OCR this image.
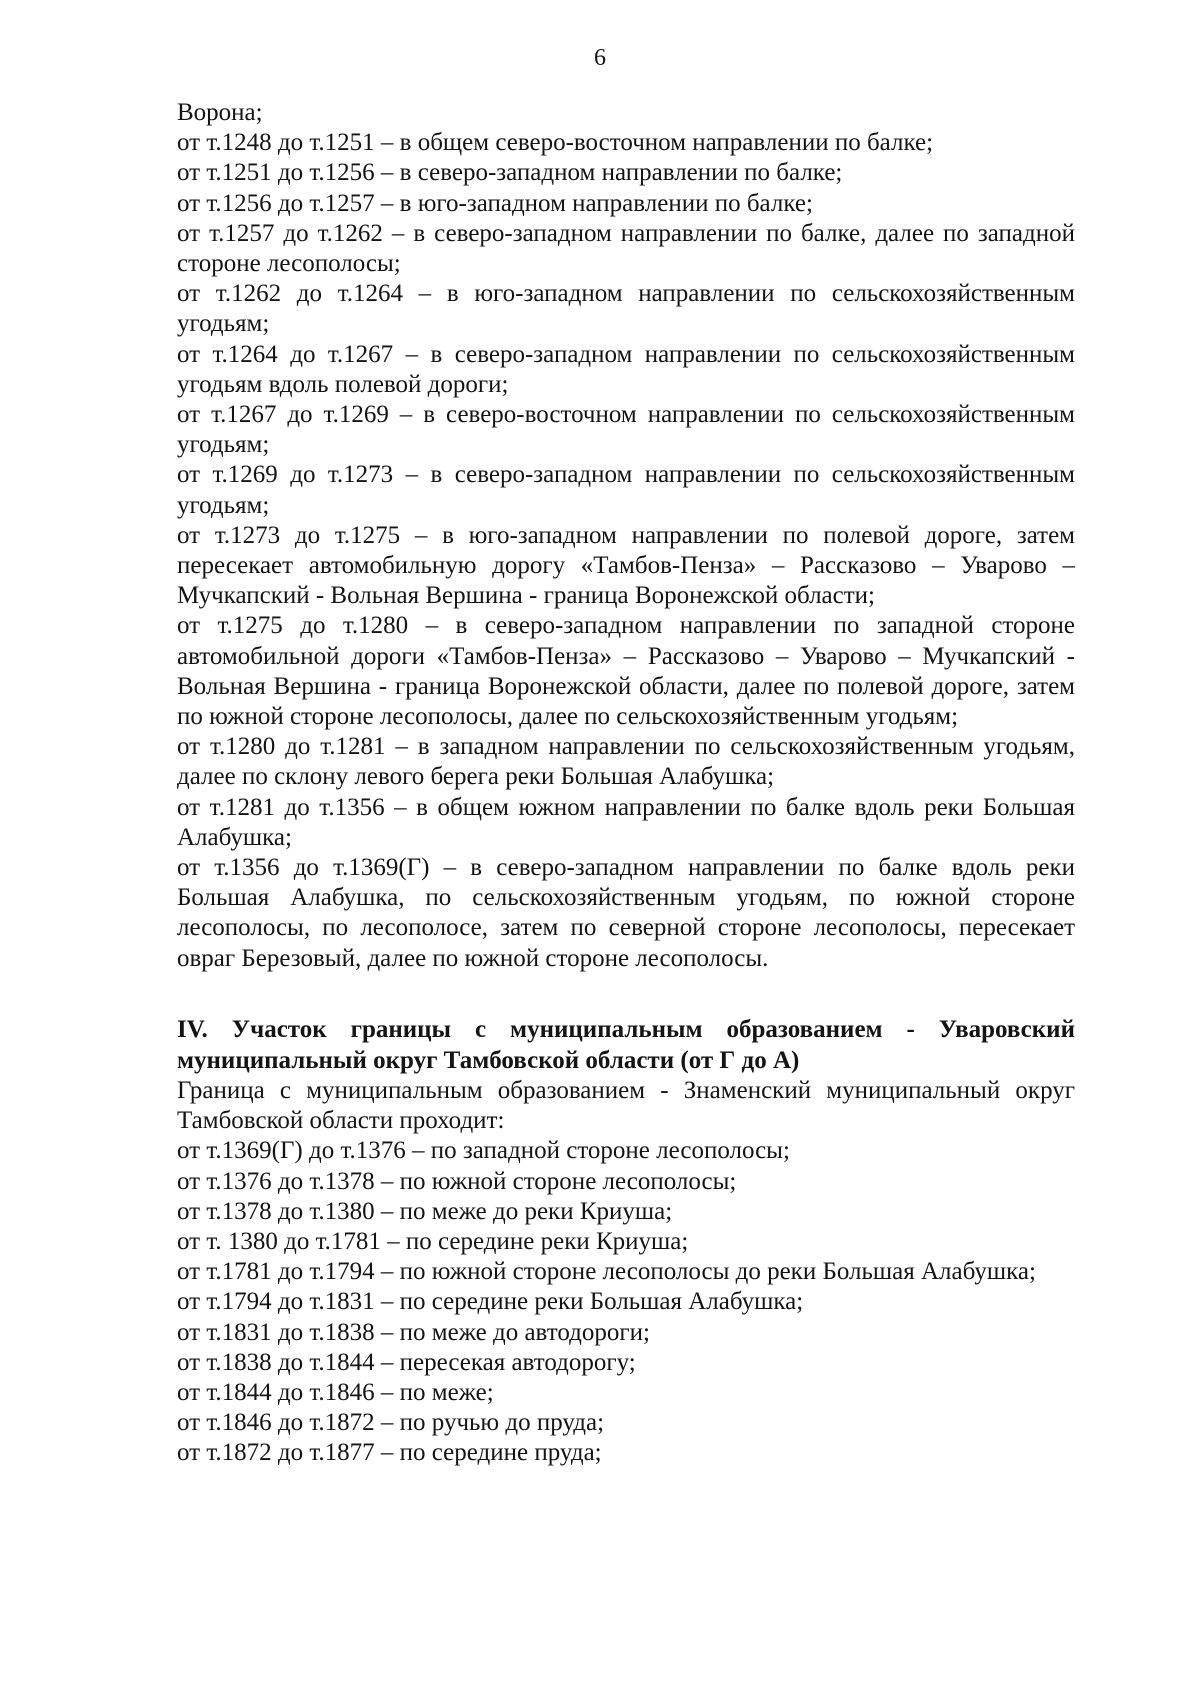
6

Ворона;

от т.1248 до т.1251 – в общем северо-восточном направлении по балке;

от т.1251 до т.1256 – в северо-западном направлении по балке;

от т.1256 до т.1257 – в юго-западном направлении по балке;

от т.1257 до т.1262 – в северо-западном направлении по балке, далее по западной стороне лесополосы;

от т.1262 до т.1264 – в юго-западном направлении по сельскохозяйственным угодьям;

от т.1264 до т.1267 – в северо-западном направлении по сельскохозяйственным угодьям вдоль полевой дороги;

от т.1267 до т.1269 – в северо-восточном направлении по сельскохозяйственным угодьям;

от т.1269 до т.1273 – в северо-западном направлении по сельскохозяйственным угодьям;

от т.1273 до т.1275 – в юго-западном направлении по полевой дороге, затем пересекает автомобильную дорогу «Тамбов-Пенза» – Рассказово – Уварово – Мучкапский - Вольная Вершина - граница Воронежской области;

от т.1275 до т.1280 – в северо-западном направлении по западной стороне автомобильной дороги «Тамбов-Пенза» – Рассказово – Уварово – Мучкапский - Вольная Вершина - граница Воронежской области, далее по полевой дороге, затем по южной стороне лесополосы, далее по сельскохозяйственным угодьям;

от т.1280 до т.1281 – в западном направлении по сельскохозяйственным угодьям, далее по склону левого берега реки Большая Алабушка;

от т.1281 до т.1356 – в общем южном направлении по балке вдоль реки Большая Алабушка;

от т.1356 до т.1369(Г) – в северо-западном направлении по балке вдоль реки Большая Алабушка, по сельскохозяйственным угодьям, по южной стороне лесополосы, по лесополосе, затем по северной стороне лесополосы, пересекает овраг Березовый, далее по южной стороне лесополосы.

IV. Участок границы с муниципальным образованием - Уваровский муниципальный округ Тамбовской области (от Г до А)

Граница с муниципальным образованием - Знаменский муниципальный округ Тамбовской области проходит:

от т.1369(Г) до т.1376 – по западной стороне лесополосы;

от т.1376 до т.1378 – по южной стороне лесополосы;

от т.1378 до т.1380 – по меже до реки Криуша;

от т. 1380 до т.1781 – по середине реки Криуша;

от т.1781 до т.1794 – по южной стороне лесополосы до реки Большая Алабушка;

от т.1794 до т.1831 – по середине реки Большая Алабушка;

от т.1831 до т.1838 – по меже до автодороги;

от т.1838 до т.1844 – пересекая автодорогу;

от т.1844 до т.1846 – по меже;

от т.1846 до т.1872 – по ручью до пруда;

от т.1872 до т.1877 – по середине пруда;
